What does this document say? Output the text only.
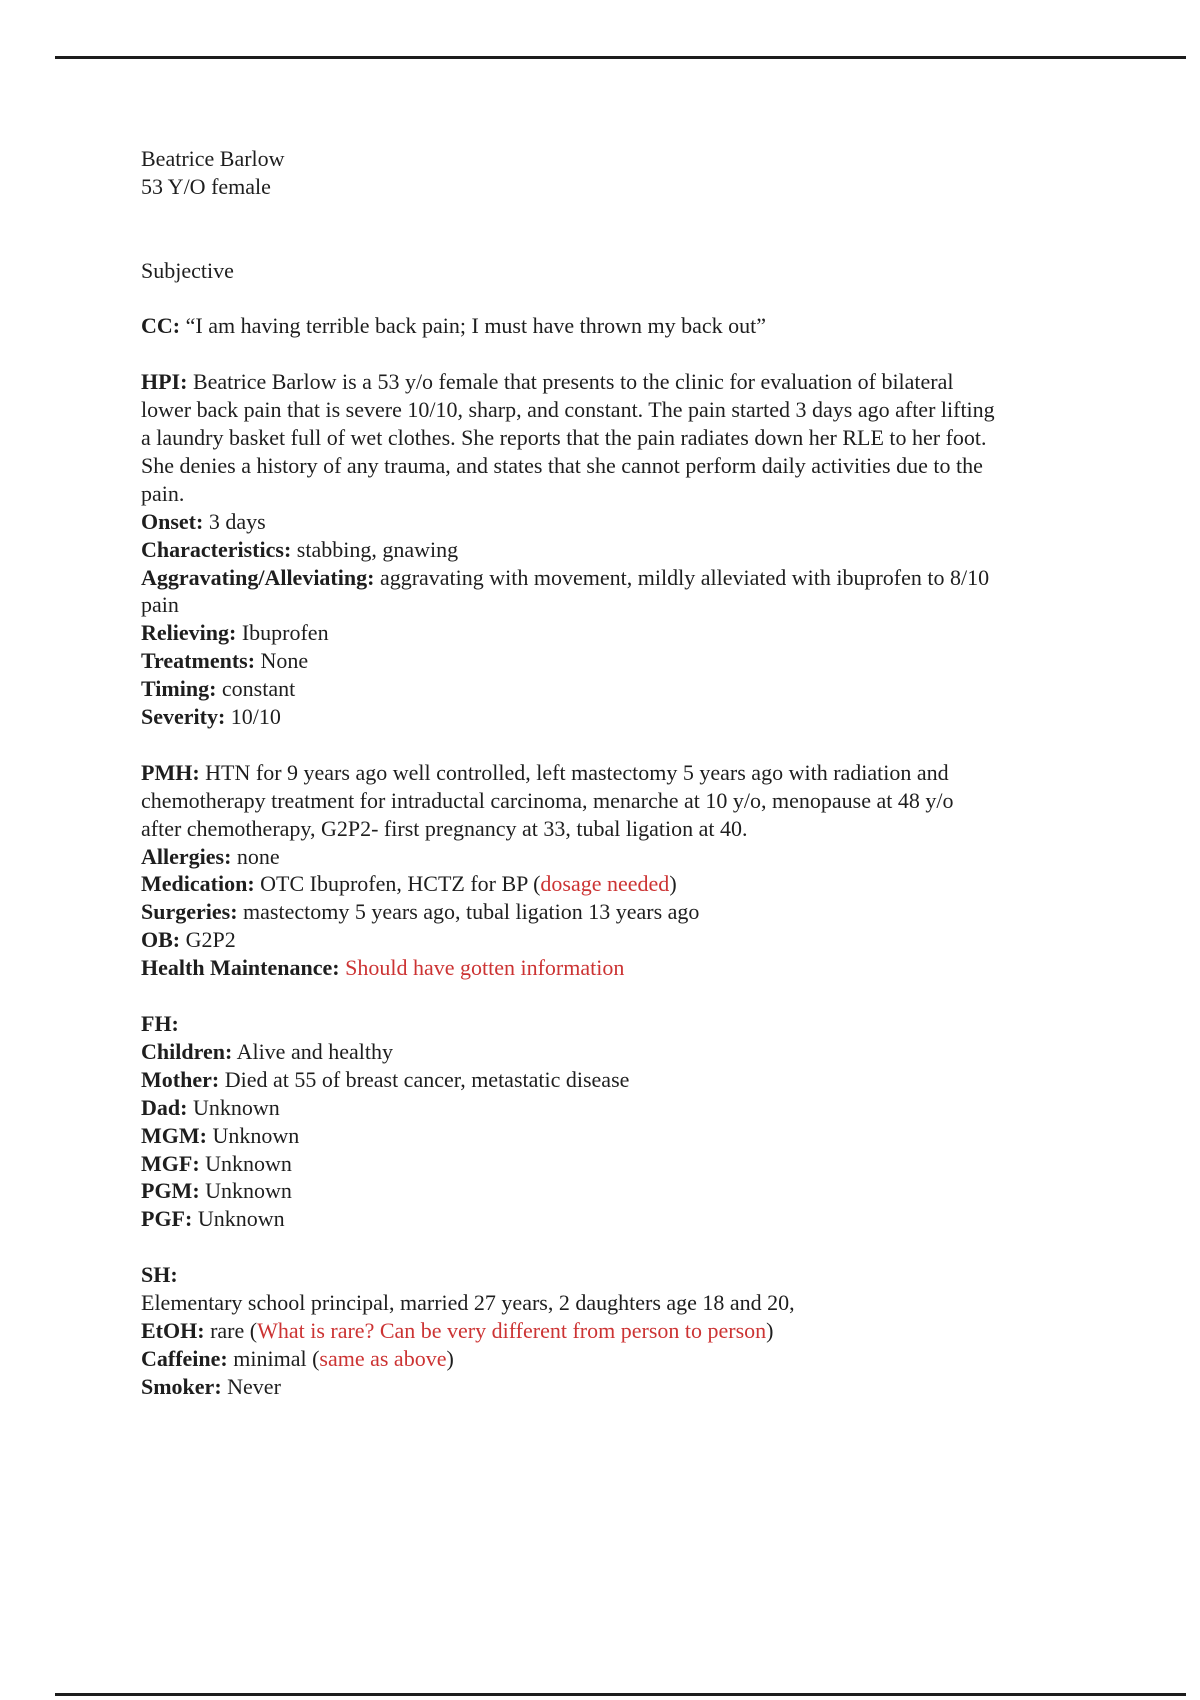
Beatrice Barlow
53 Y/O female
Subjective
CC: “I am having terrible back pain; I must have thrown my back out”
HPI: Beatrice Barlow is a 53 y/o female that presents to the clinic for evaluation of bilateral
lower back pain that is severe 10/10, sharp, and constant. The pain started 3 days ago after lifting
a laundry basket full of wet clothes. She reports that the pain radiates down her RLE to her foot.
She denies a history of any trauma, and states that she cannot perform daily activities due to the
pain.
Onset: 3 days
Characteristics: stabbing, gnawing
Aggravating/Alleviating: aggravating with movement, mildly alleviated with ibuprofen to 8/10
pain
Relieving: Ibuprofen
Treatments: None
Timing: constant
Severity: 10/10
PMH: HTN for 9 years ago well controlled, left mastectomy 5 years ago with radiation and
chemotherapy treatment for intraductal carcinoma, menarche at 10 y/o, menopause at 48 y/o
after chemotherapy, G2P2- first pregnancy at 33, tubal ligation at 40.
Allergies: none
Medication: OTC Ibuprofen, HCTZ for BP (dosage needed)
Surgeries: mastectomy 5 years ago, tubal ligation 13 years ago
OB: G2P2
Health Maintenance: Should have gotten information
FH:
Children: Alive and healthy
Mother: Died at 55 of breast cancer, metastatic disease
Dad: Unknown
MGM: Unknown
MGF: Unknown
PGM: Unknown
PGF: Unknown
SH:
Elementary school principal, married 27 years, 2 daughters age 18 and 20,
EtOH: rare (What is rare? Can be very different from person to person)
Caffeine: minimal (same as above)
Smoker: Never
